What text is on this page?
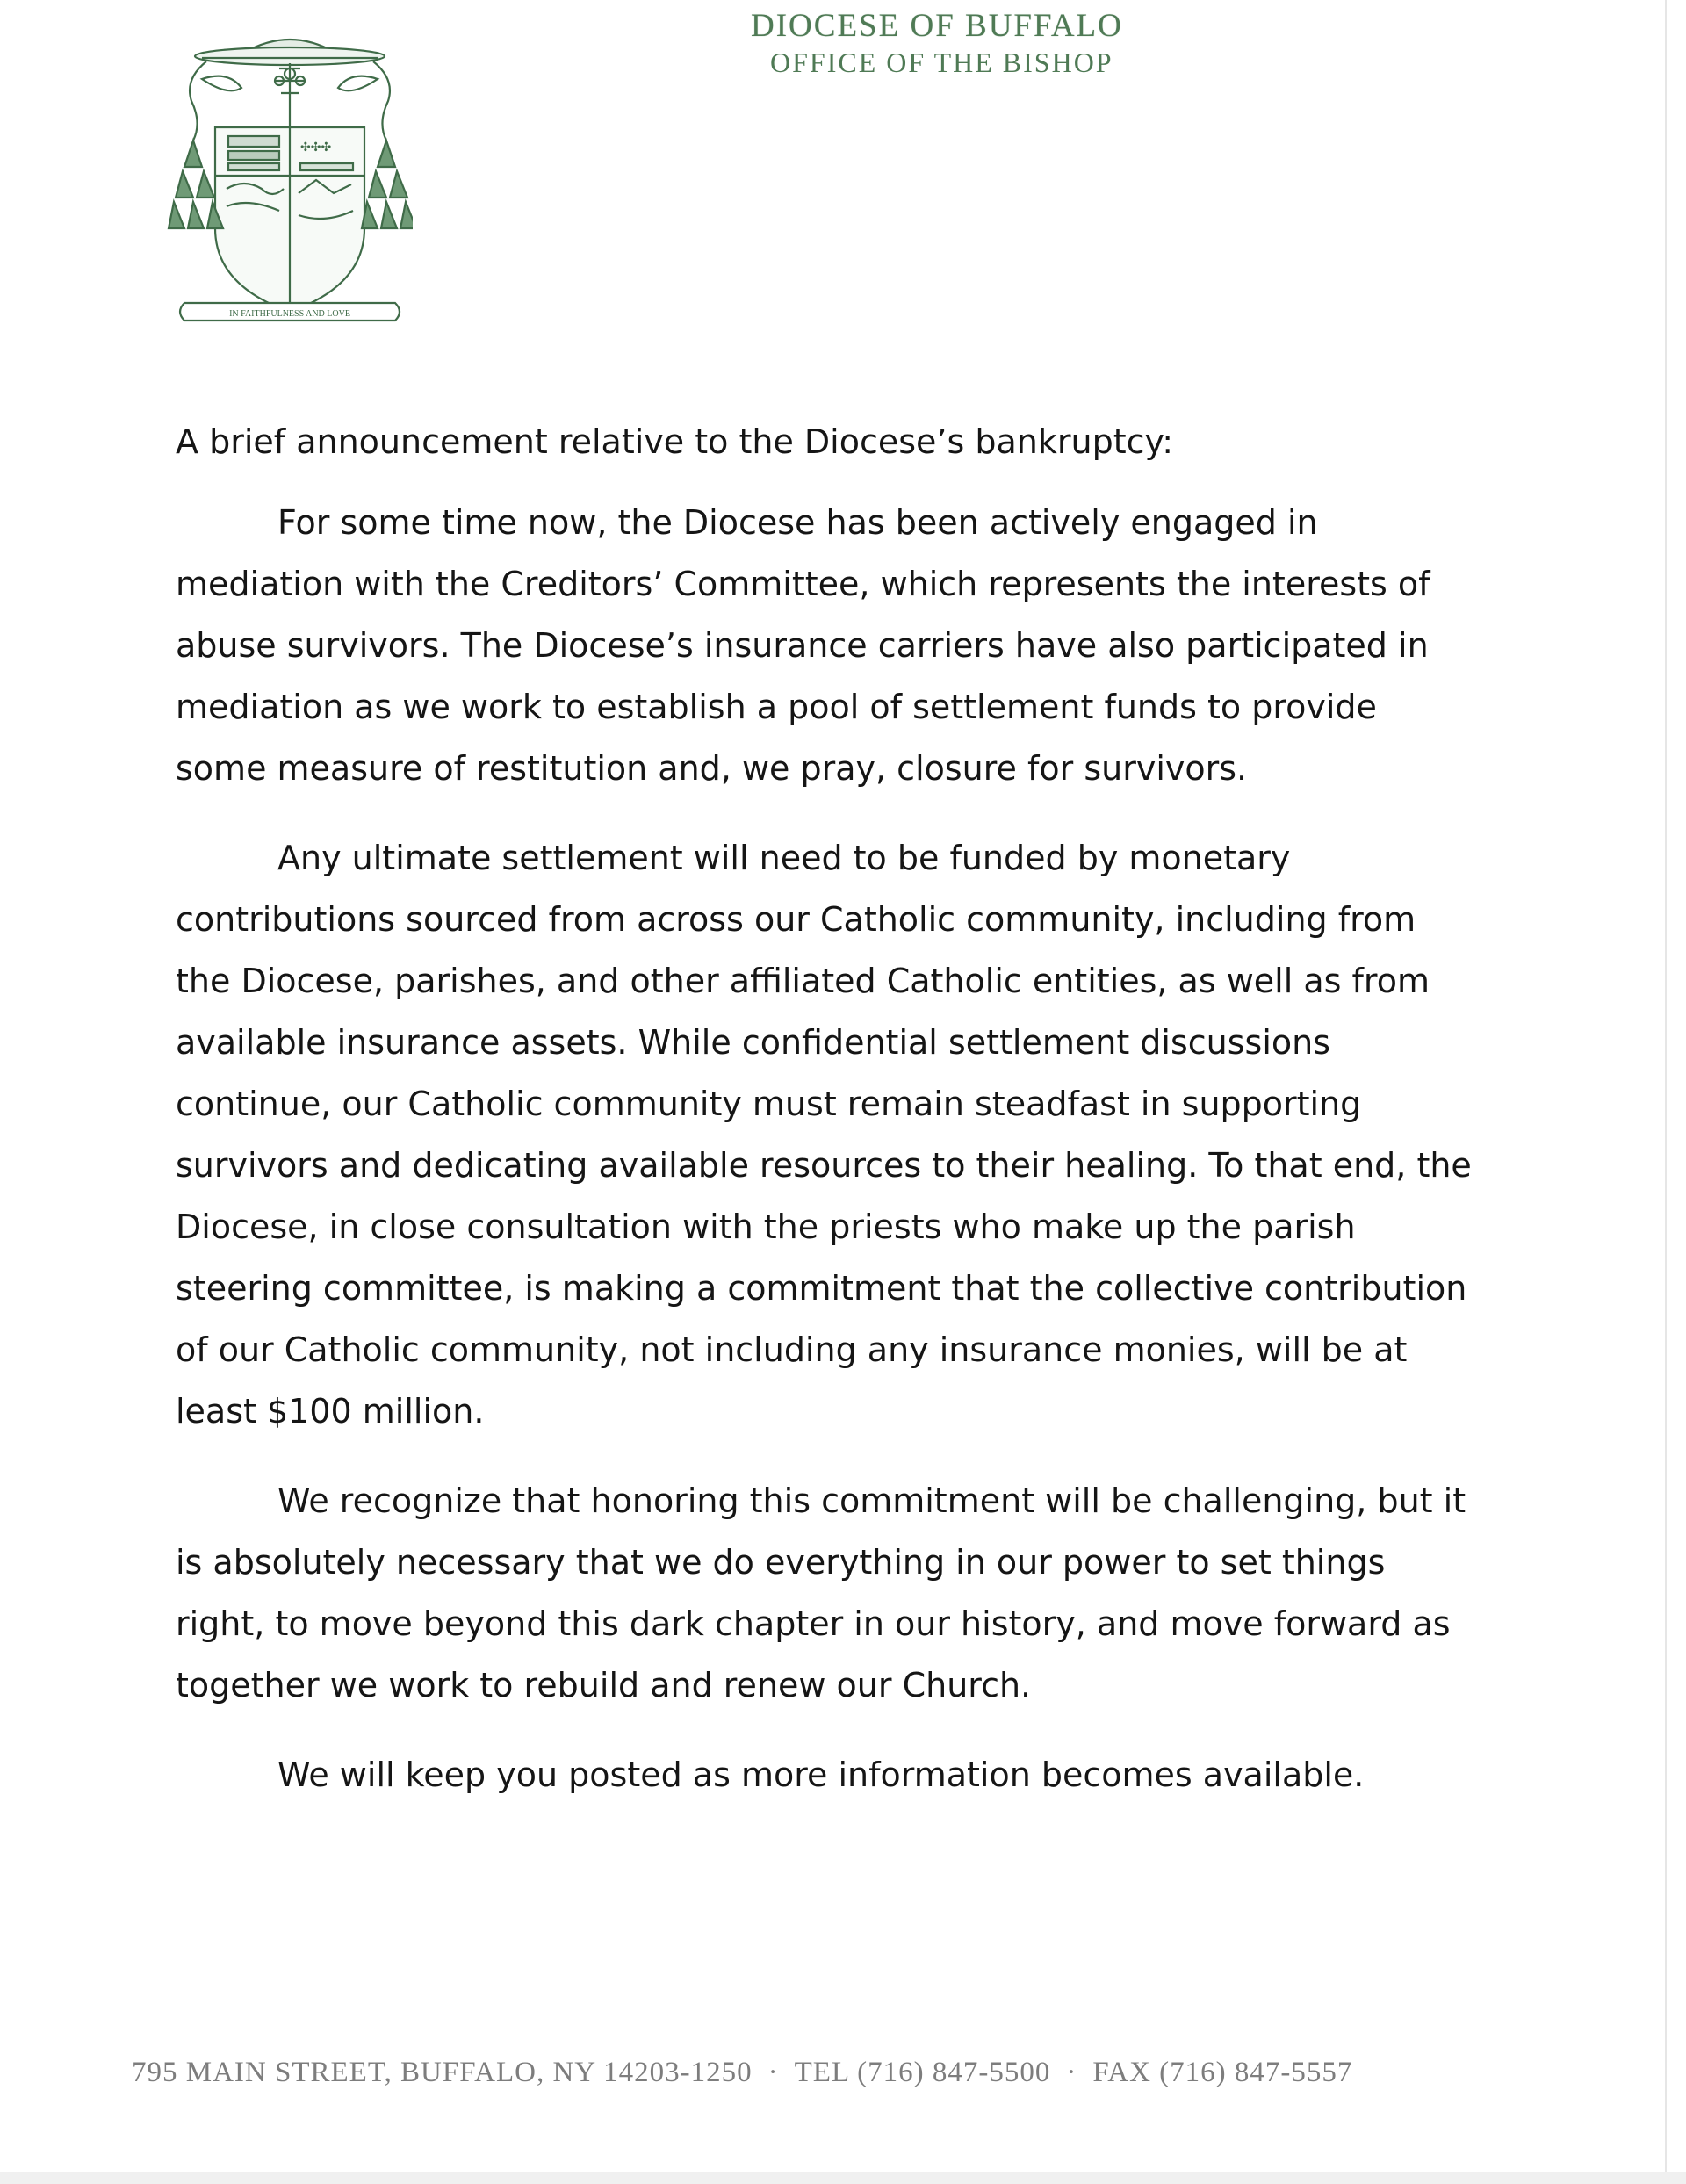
✣✣✣
IN FAITHFULNESS AND LOVE
DIOCESE OF BUFFALO
OFFICE OF THE BISHOP

A brief announcement relative to the Diocese’s bankruptcy:

For some time now, the Diocese has been actively engaged in mediation with the Creditors’ Committee, which represents the interests of abuse survivors. The Diocese’s insurance carriers have also participated in mediation as we work to establish a pool of settlement funds to provide some measure of restitution and, we pray, closure for survivors.

Any ultimate settlement will need to be funded by monetary contributions sourced from across our Catholic community, including from the Diocese, parishes, and other affiliated Catholic entities, as well as from available insurance assets. While confidential settlement discussions continue, our Catholic community must remain steadfast in supporting survivors and dedicating available resources to their healing. To that end, the Diocese, in close consultation with the priests who make up the parish steering committee, is making a commitment that the collective contribution of our Catholic community, not including any insurance monies, will be at least $100 million.

We recognize that honoring this commitment will be challenging, but it is absolutely necessary that we do everything in our power to set things right, to move beyond this dark chapter in our history, and move forward as together we work to rebuild and renew our Church.

We will keep you posted as more information becomes available.

795 MAIN STREET, BUFFALO, NY 14203-1250 · TEL (716) 847-5500 · FAX (716) 847-5557
